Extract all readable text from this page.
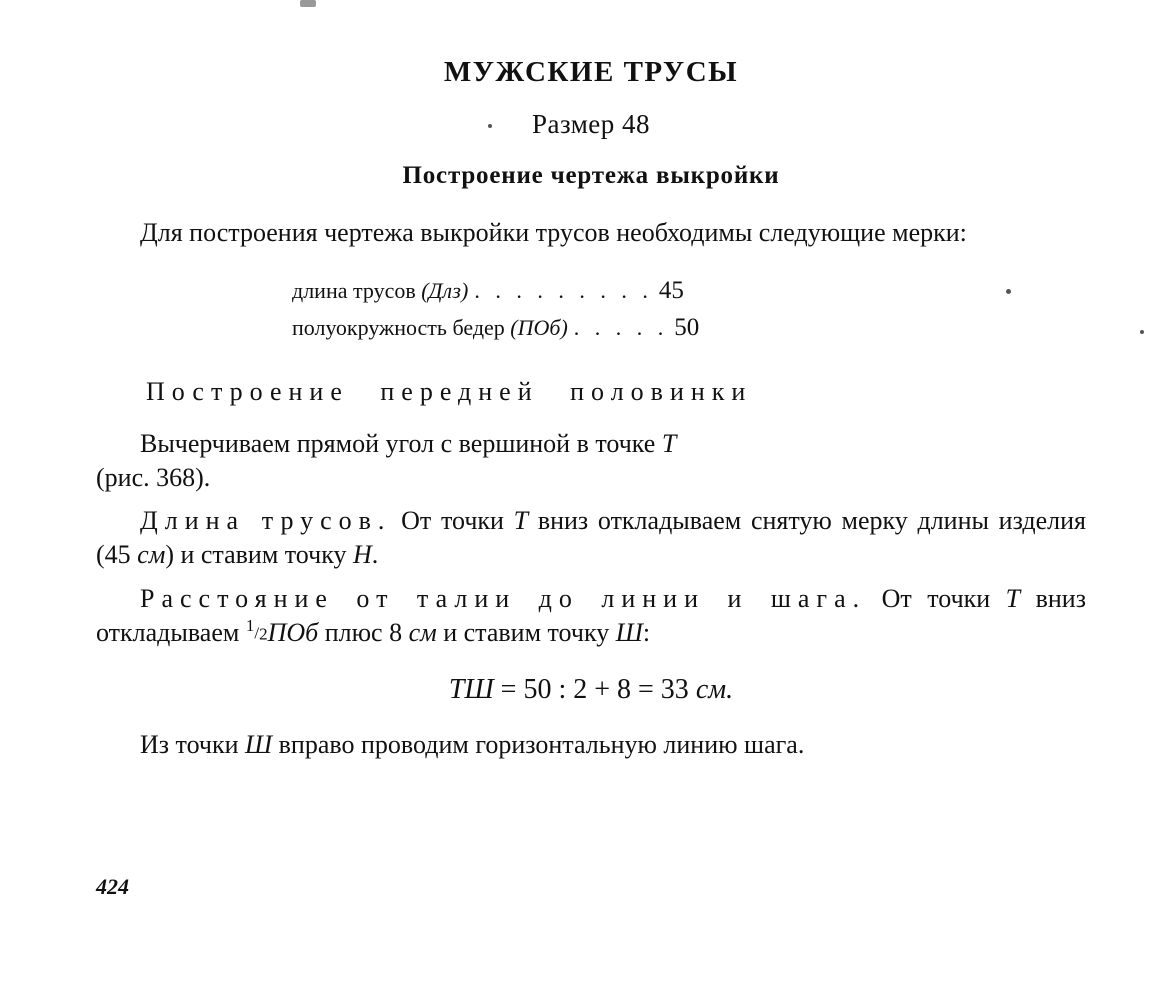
МУЖСКИЕ ТРУСЫ
Размер 48
Построение чертежа выкройки

Для построения чертежа выкройки трусов необходимы следующие мерки:

длина трусов (Длз) . . . . . . . . . 45
полуокружность бедер (ПОб) . . . . . 50
Построение передней половинки

Вычерчиваем прямой угол с вершиной в точке Т
(рис. 368).

Длина трусов. От точки Т вниз откладываем снятую мерку длины изделия (45 см) и ставим точку Н.

Расстояние от талии до линии и шага. От точки Т вниз откладываем $^1/_2ПОб$ плюс 8 см и ставим точку Ш:

ТШ = 50 : 2 + 8 = 33 см.

Из точки Ш вправо проводим горизонтальную линию шага.

424
